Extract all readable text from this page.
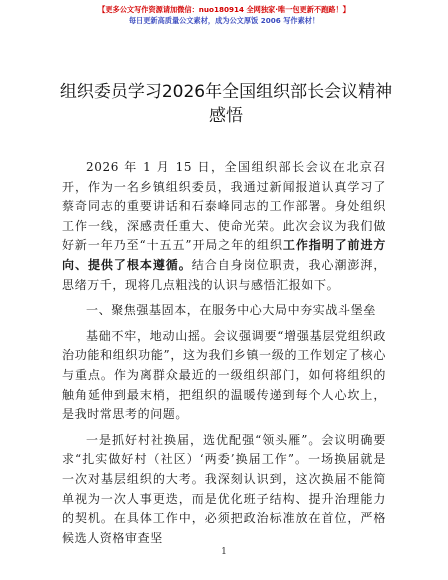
【更多公文写作资源请加微信：nuo180914 全网独家·唯一包更新不跑路！】
每日更新高质量公文素材，成为公文厚饭 2006 写作素材！
组织委员学习2026年全国组织部长会议精神感悟

2026 年 1 月 15 日，全国组织部长会议在北京召开，作为一名乡镇组织委员，我通过新闻报道认真学习了蔡奇同志的重要讲话和石泰峰同志的工作部署。身处组织工作一线，深感责任重大、使命光荣。此次会议为我们做好新一年乃至“十五五”开局之年的组织工作指明了前进方向、提供了根本遵循。结合自身岗位职责，我心潮澎湃，思绪万千，现将几点粗浅的认识与感悟汇报如下。

一、聚焦强基固本，在服务中心大局中夯实战斗堡垒

基础不牢，地动山摇。会议强调要“增强基层党组织政治功能和组织功能”，这为我们乡镇一级的工作划定了核心与重点。作为离群众最近的一级组织部门，如何将组织的触角延伸到最末梢，把组织的温暖传递到每个人心坎上，是我时常思考的问题。

一是抓好村社换届，选优配强“领头雁”。会议明确要求“扎实做好村（社区）‘两委’换届工作”。一场换届就是一次对基层组织的大考。我深刻认识到，这次换届不能简单视为一次人事更迭，而是优化班子结构、提升治理能力的契机。在具体工作中，必须把政治标准放在首位，严格候选人资格审查坚

1
